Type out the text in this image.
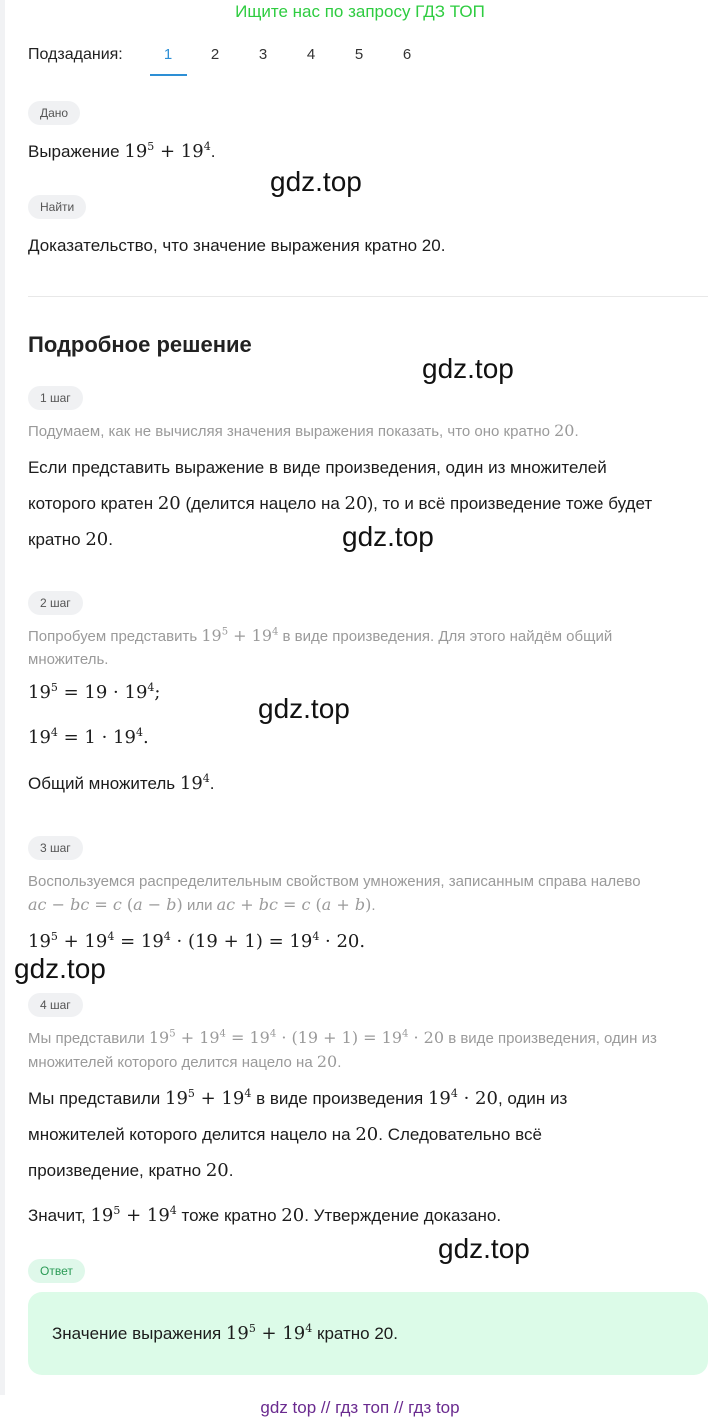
Ищите нас по запросу ГДЗ ТОП
Подзадания:	1	2	3	4	5	6
Дано
Выражение $19^5 + 19^4$.
gdz.top
Найти
Доказательство, что значение выражения кратно 20.
Подробное решение
gdz.top
1 шаг
Подумаем, как не вычисляя значения выражения показать, что оно кратно 20.
Если представить выражение в виде произведения, один из множителей
которого кратен 20 (делится нацело на 20), то и всё произведение тоже будет
кратно 20.	gdz.top
2 шаг
Попробуем представить $19^5 + 19^4$ в виде произведения. Для этого найдём общий
множитель.
$19^5 = 19 \cdot 19^4$;
gdz.top
$19^4 = 1 \cdot 19^4$.
Общий множитель $19^4$.
3 шаг
Воспользуемся распределительным свойством умножения, записанным справа налево
ac − bc = c (a − b) или ac + bc = c (a + b).
$19^5 + 19^4 = 19^4 \cdot (19 + 1) = 19^4 \cdot 20$.
gdz.top
4 шаг
Мы представили $19^5 + 19^4 = 19^4 \cdot (19 + 1) = 19^4 \cdot 20$ в виде произведения, один из
множителей которого делится нацело на 20.
Мы представили $19^5 + 19^4$ в виде произведения $19^4 \cdot 20$, один из
множителей которого делится нацело на 20. Следовательно всё
произведение, кратно 20.
Значит, $19^5 + 19^4$ тоже кратно 20. Утверждение доказано.
gdz.top
Ответ
Значение выражения $19^5 + 19^4$ кратно 20.
gdz top // гдз топ // гдз top
